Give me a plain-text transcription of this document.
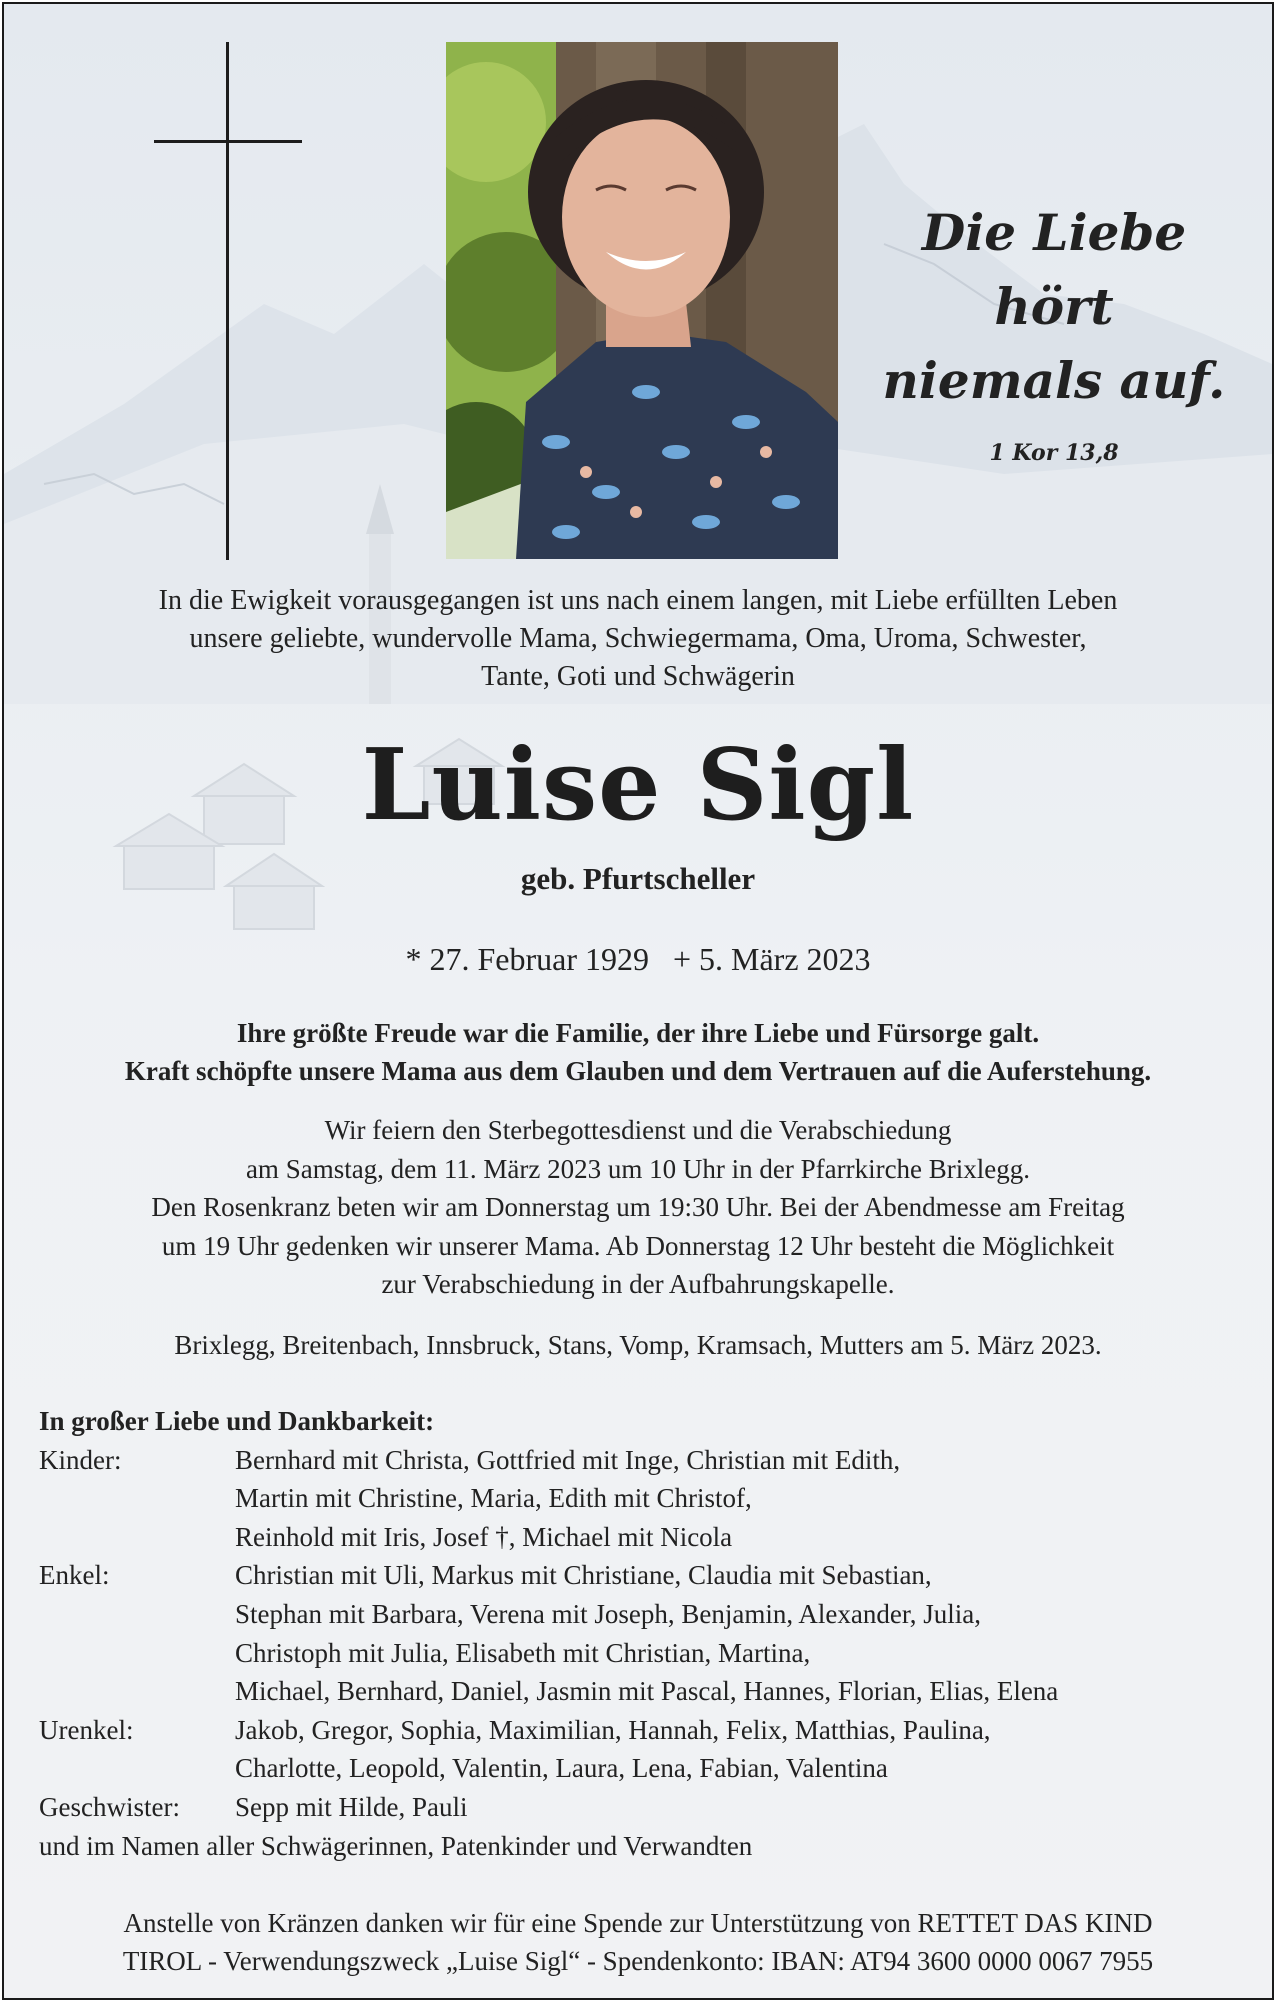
Die Liebe
hört
niemals auf.
1 Kor 13,8
In die Ewigkeit vorausgegangen ist uns nach einem langen, mit Liebe erfüllten Leben
unsere geliebte, wundervolle Mama, Schwiegermama, Oma, Uroma, Schwester,
Tante, Goti und Schwägerin
Luise Sigl
geb. Pfurtscheller
* 27. Februar 1929 + 5. März 2023
Ihre größte Freude war die Familie, der ihre Liebe und Fürsorge galt.
Kraft schöpfte unsere Mama aus dem Glauben und dem Vertrauen auf die Auferstehung.
Wir feiern den Sterbegottesdienst und die Verabschiedung
am Samstag, dem 11. März 2023 um 10 Uhr in der Pfarrkirche Brixlegg.
Den Rosenkranz beten wir am Donnerstag um 19:30 Uhr. Bei der Abendmesse am Freitag
um 19 Uhr gedenken wir unserer Mama. Ab Donnerstag 12 Uhr besteht die Möglichkeit
zur Verabschiedung in der Aufbahrungskapelle.
Brixlegg, Breitenbach, Innsbruck, Stans, Vomp, Kramsach, Mutters am 5. März 2023.
In großer Liebe und Dankbarkeit:
Kinder:	Bernhard mit Christa, Gottfried mit Inge, Christian mit Edith,
Martin mit Christine, Maria, Edith mit Christof,
Reinhold mit Iris, Josef †, Michael mit Nicola
Enkel:	Christian mit Uli, Markus mit Christiane, Claudia mit Sebastian,
Stephan mit Barbara, Verena mit Joseph, Benjamin, Alexander, Julia,
Christoph mit Julia, Elisabeth mit Christian, Martina,
Michael, Bernhard, Daniel, Jasmin mit Pascal, Hannes, Florian, Elias, Elena
Urenkel:	Jakob, Gregor, Sophia, Maximilian, Hannah, Felix, Matthias, Paulina,
Charlotte, Leopold, Valentin, Laura, Lena, Fabian, Valentina
Geschwister:	Sepp mit Hilde, Pauli
und im Namen aller Schwägerinnen, Patenkinder und Verwandten
Anstelle von Kränzen danken wir für eine Spende zur Unterstützung von RETTET DAS KIND
TIROL - Verwendungszweck „Luise Sigl“ - Spendenkonto: IBAN: AT94 3600 0000 0067 7955
